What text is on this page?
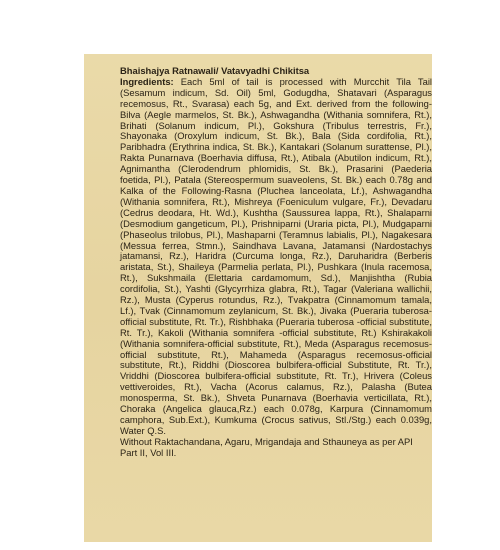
Bhaishajya Ratnawali/ Vatavyadhi Chikitsa
Ingredients: Each 5ml of tail is processed with Murcchit Tila Tail (Sesamum indicum, Sd. Oil) 5ml, Godugdha, Shatavari (Asparagus recemosus, Rt., Svarasa) each 5g, and Ext. derived from the following-Bilva (Aegle marmelos, St. Bk.), Ashwagandha (Withania somnifera, Rt.), Brihati (Solanum indicum, Pl.), Gokshura (Tribulus terrestris, Fr.), Shayonaka (Oroxylum indicum, St. Bk.), Bala (Sida cordifolia, Rt.), Paribhadra (Erythrina indica, St. Bk.), Kantakari (Solanum surattense, Pl.), Rakta Punarnava (Boerhavia diffusa, Rt.), Atibala (Abutilon indicum, Rt.), Agnimantha (Clerodendrum phlomidis, St. Bk.), Prasarini (Paederia foetida, Pl.), Patala (Stereospermum suaveolens, St. Bk.) each 0.78g and Kalka of the Following-Rasna (Pluchea lanceolata, Lf.), Ashwagandha (Withania somnifera, Rt.), Mishreya (Foeniculum vulgare, Fr.), Devadaru (Cedrus deodara, Ht. Wd.), Kushtha (Saussurea lappa, Rt.), Shalaparni (Desmodium gangeticum, Pl.), Prishniparni (Uraria picta, Pl.), Mudgaparni (Phaseolus trilobus, Pl.), Mashaparni (Teramnus labialis, Pl.), Nagakesara (Messua ferrea, Stmn.), Saindhava Lavana, Jatamansi (Nardostachys jatamansi, Rz.), Haridra (Curcuma longa, Rz.), Daruharidra (Berberis aristata, St.), Shaileya (Parmelia perlata, Pl.), Pushkara (Inula racemosa, Rt.), Sukshmaila (Elettaria cardamomum, Sd.), Manjishtha (Rubia cordifolia, St.), Yashti (Glycyrrhiza glabra, Rt.), Tagar (Valeriana wallichii, Rz.), Musta (Cyperus rotundus, Rz.), Tvakpatra (Cinnamomum tamala, Lf.), Tvak (Cinnamomum zeylanicum, St. Bk.), Jivaka (Pueraria tuberosa-official substitute, Rt. Tr.), Rishbhaka (Pueraria tuberosa -official substitute, Rt. Tr.), Kakoli (Withania somnifera -official substitute, Rt.) Kshirakakoli (Withania somnifera-official substitute, Rt.), Meda (Asparagus recemosus-official substitute, Rt.), Mahameda (Asparagus recemosus-official substitute, Rt.), Riddhi (Dioscorea bulbifera-official Substitute, Rt. Tr.), Vriddhi (Dioscorea bulbifera-official substitute, Rt. Tr.), Hrivera (Coleus vettiveroides, Rt.), Vacha (Acorus calamus, Rz.), Palasha (Butea monosperma, St. Bk.), Shveta Punarnava (Boerhavia verticillata, Rt.), Choraka (Angelica glauca,Rz.) each 0.078g, Karpura (Cinnamomum camphora, Sub.Ext.), Kumkuma (Crocus sativus, Stl./Stg.) each 0.039g, Water Q.S.
Without Raktachandana, Agaru, Mrigandaja and Sthauneya as per API Part II, Vol III.
